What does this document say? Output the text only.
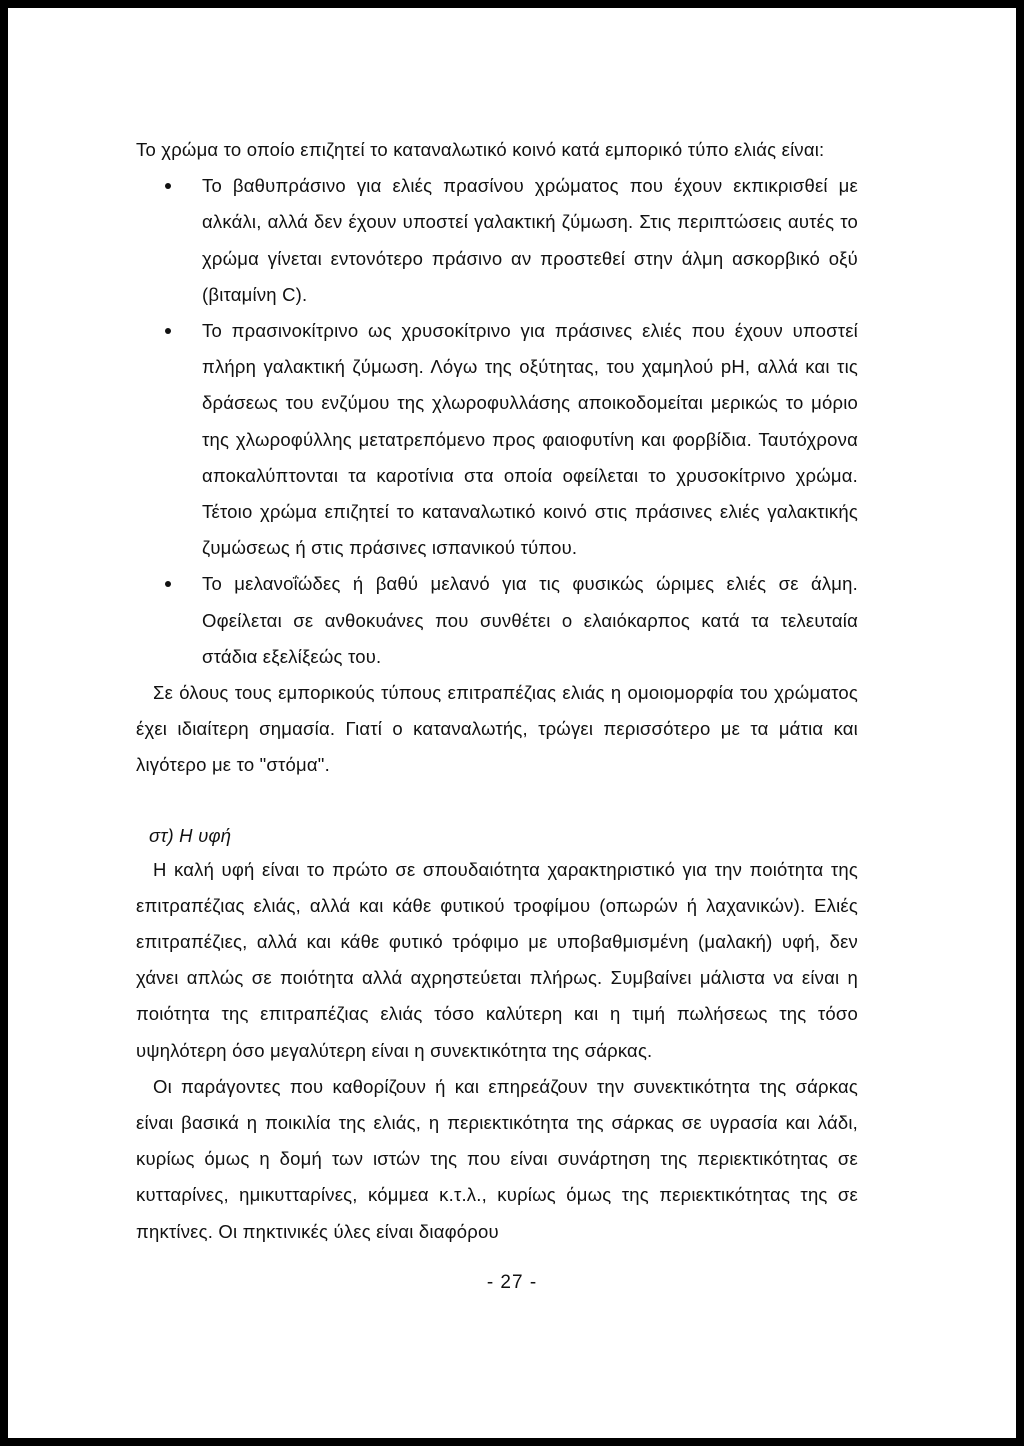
Το χρώμα το οποίο επιζητεί το καταναλωτικό κοινό κατά εμπορικό τύπο ελιάς είναι:

Το βαθυπράσινο για ελιές πρασίνου χρώματος που έχουν εκπικρισθεί με αλκάλι, αλλά δεν έχουν υποστεί γαλακτική ζύμωση. Στις περιπτώσεις αυτές το χρώμα γίνεται εντονότερο πράσινο αν προστεθεί στην άλμη ασκορβικό οξύ (βιταμίνη C).
Το πρασινοκίτρινο ως χρυσοκίτρινο για πράσινες ελιές που έχουν υποστεί πλήρη γαλακτική ζύμωση. Λόγω της οξύτητας, του χαμηλού pH, αλλά και τις δράσεως του ενζύμου της χλωροφυλλάσης αποικοδομείται μερικώς το μόριο της χλωροφύλλης μετατρεπόμενο προς φαιοφυτίνη και φορβίδια. Ταυτόχρονα αποκαλύπτονται τα καροτίνια στα οποία οφείλεται το χρυσοκίτρινο χρώμα. Τέτοιο χρώμα επιζητεί το καταναλωτικό κοινό στις πράσινες ελιές γαλακτικής ζυμώσεως ή στις πράσινες ισπανικού τύπου.
Το μελανοΐώδες ή βαθύ μελανό για τις φυσικώς ώριμες ελιές σε άλμη. Οφείλεται σε ανθοκυάνες που συνθέτει ο ελαιόκαρπος κατά τα τελευταία στάδια εξελίξεώς του.

Σε όλους τους εμπορικούς τύπους επιτραπέζιας ελιάς η ομοιομορφία του χρώματος έχει ιδιαίτερη σημασία. Γιατί ο καταναλωτής, τρώγει περισσότερο με τα μάτια και λιγότερο με το "στόμα".

στ) Η υφή

Η καλή υφή είναι το πρώτο σε σπουδαιότητα χαρακτηριστικό για την ποιότητα της επιτραπέζιας ελιάς, αλλά και κάθε φυτικού τροφίμου (οπωρών ή λαχανικών). Ελιές επιτραπέζιες, αλλά και κάθε φυτικό τρόφιμο με υποβαθμισμένη (μαλακή) υφή, δεν χάνει απλώς σε ποιότητα αλλά αχρηστεύεται πλήρως. Συμβαίνει μάλιστα να είναι η ποιότητα της επιτραπέζιας ελιάς τόσο καλύτερη και η τιμή πωλήσεως της τόσο υψηλότερη όσο μεγαλύτερη είναι η συνεκτικότητα της σάρκας.

Οι παράγοντες που καθορίζουν ή και επηρεάζουν την συνεκτικότητα της σάρκας είναι βασικά η ποικιλία της ελιάς, η περιεκτικότητα της σάρκας σε υγρασία και λάδι, κυρίως όμως η δομή των ιστών της που είναι συνάρτηση της περιεκτικότητας σε κυτταρίνες, ημικυτταρίνες, κόμμεα κ.τ.λ., κυρίως όμως της περιεκτικότητας της σε πηκτίνες. Οι πηκτινικές ύλες είναι διαφόρου

- 27 -
